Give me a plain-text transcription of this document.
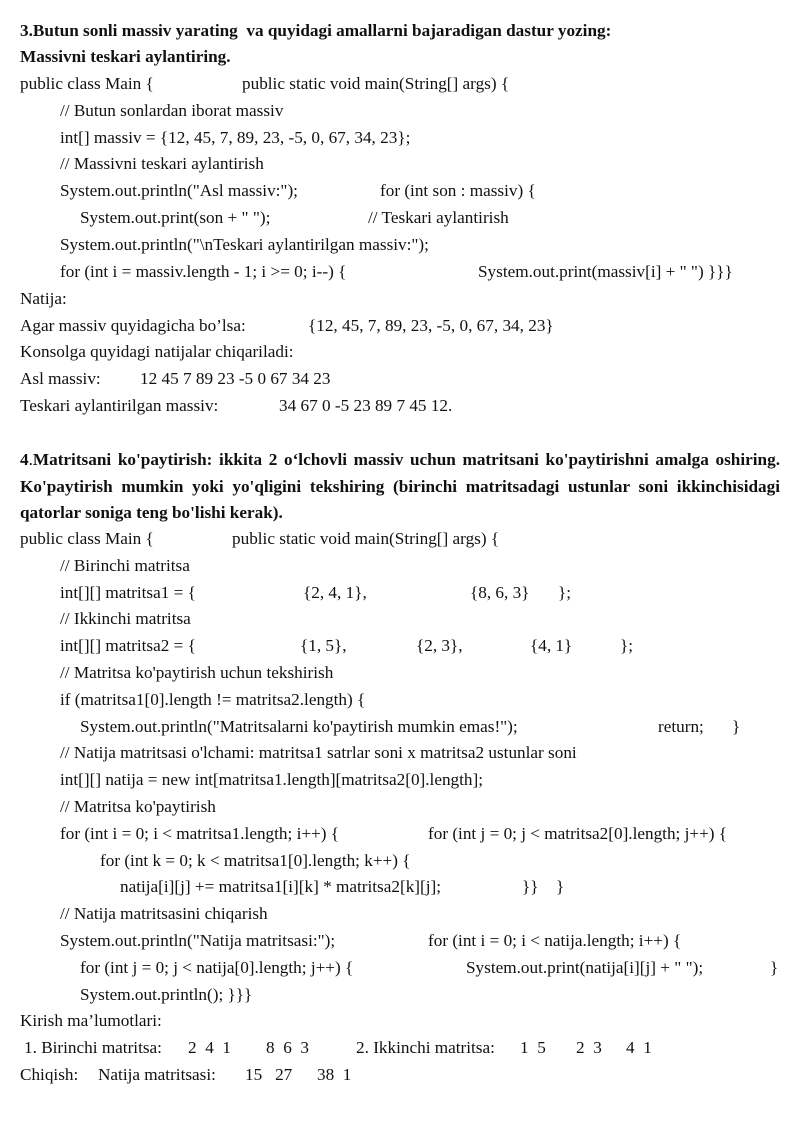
3.Butun sonli massiv yarating  va quyidagi amallarni bajaradigan dastur yozing:
Massivni teskari aylantiring.
public class Main {	public static void main(String[] args) {
// Butun sonlardan iborat massiv
int[] massiv = {12, 45, 7, 89, 23, -5, 0, 67, 34, 23};
// Massivni teskari aylantirish
System.out.println("Asl massiv:");	for (int son : massiv) {
System.out.print(son + " ");	// Teskari aylantirish
System.out.println("\nTeskari aylantirilgan massiv:");
for (int i = massiv.length - 1; i >= 0; i--) {	System.out.print(massiv[i] + " ") }}}
Natija:
Agar massiv quyidagicha bo’lsa:	{12, 45, 7, 89, 23, -5, 0, 67, 34, 23}
Konsolga quyidagi natijalar chiqariladi:
Asl massiv: 12 45 7 89 23 -5 0 67 34 23
Teskari aylantirilgan massiv:	34 67 0 -5 23 89 7 45 12.
4.Matritsani ko'paytirish: ikkita 2 o‘lchovli massiv uchun matritsani ko'paytirishni amalga oshiring. Ko'paytirish mumkin yoki yo'qligini tekshiring (birinchi matritsadagi ustunlar soni ikkinchisidagi qatorlar soniga teng bo'lishi kerak).
public class Main {	public static void main(String[] args) {
// Birinchi matritsa
int[][] matritsa1 = {	{2, 4, 1},	{8, 6, 3} };
// Ikkinchi matritsa
int[][] matritsa2 = {	{1, 5},	{2, 3},	{4, 1}	};
// Matritsa ko'paytirish uchun tekshirish
if (matritsa1[0].length != matritsa2.length) {
System.out.println("Matritsalarni ko'paytirish mumkin emas!");	return; }
// Natija matritsasi o'lchami: matritsa1 satrlar soni x matritsa2 ustunlar soni
int[][] natija = new int[matritsa1.length][matritsa2[0].length];
// Matritsa ko'paytirish
for (int i = 0; i < matritsa1.length; i++) {	for (int j = 0; j < matritsa2[0].length; j++) {
for (int k = 0; k < matritsa1[0].length; k++) {
natija[i][j] += matritsa1[i][k] * matritsa2[k][j];	}} }
// Natija matritsasini chiqarish
System.out.println("Natija matritsasi:");	for (int i = 0; i < natija.length; i++) {
for (int j = 0; j < natija[0].length; j++) {	System.out.print(natija[i][j] + " ");	}
System.out.println(); }}}
Kirish ma’lumotlari:
1. Birinchi matritsa: 2  4  1 8  6  3	2. Ikkinchi matritsa: 1  5 2  3 4  1
Chiqish: Natija matritsasi: 15   27 38  1
